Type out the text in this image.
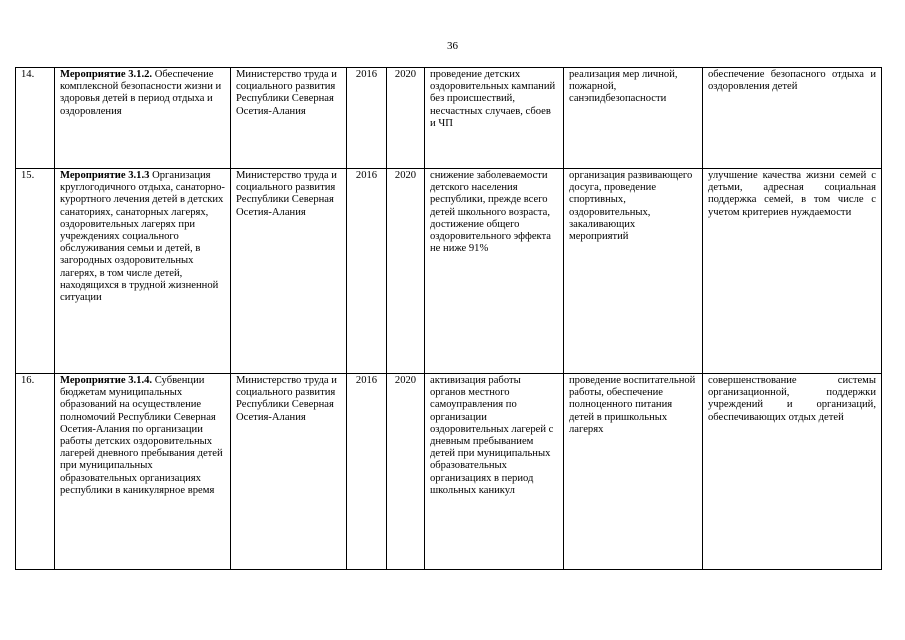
36
14.	Мероприятие 3.1.2. Обеспечение комплексной безопасности жизни и здоровья детей в период отдыха и оздоровления	Министерство труда и социального развития Республики Северная Осетия-Алания	2016	2020	проведение детских оздоровительных кампаний без происшествий, несчастных случаев, сбоев и ЧП	реализация мер личной, пожарной, санэпидбезопасности	обеспечение безопасного отдыха и оздоровления детей
15.	Мероприятие 3.1.3 Организация круглогодичного отдыха, санаторно-курортного лечения детей в детских санаториях, санаторных лагерях, оздоровительных лагерях при учреждениях социального обслуживания семьи и детей, в загородных оздоровительных лагерях, в том числе детей, находящихся в трудной жизненной ситуации	Министерство труда и социального развития Республики Северная Осетия-Алания	2016	2020	снижение заболеваемости детского населения республики, прежде всего детей школьного возраста, достижение общего оздоровительного эффекта не ниже 91%	организация развивающего досуга, проведение спортивных, оздоровительных, закаливающих мероприятий	улучшение качества жизни семей с детьми, адресная социальная поддержка семей, в том числе с учетом критериев нуждаемости
16.	Мероприятие 3.1.4. Субвенции бюджетам муниципальных образований на осуществление полномочий Республики Северная Осетия-Алания по организации работы детских оздоровительных лагерей дневного пребывания детей при муниципальных образовательных организациях республики в каникулярное время	Министерство труда и социального развития Республики Северная Осетия-Алания	2016	2020	активизация работы органов местного самоуправления по организации оздоровительных лагерей с дневным пребыванием детей при муниципальных образовательных организациях в период школьных каникул	проведение воспитательной работы, обеспечение полноценного питания детей в пришкольных лагерях	совершенствование системы организационной, поддержки учреждений и организаций, обеспечивающих отдых детей
